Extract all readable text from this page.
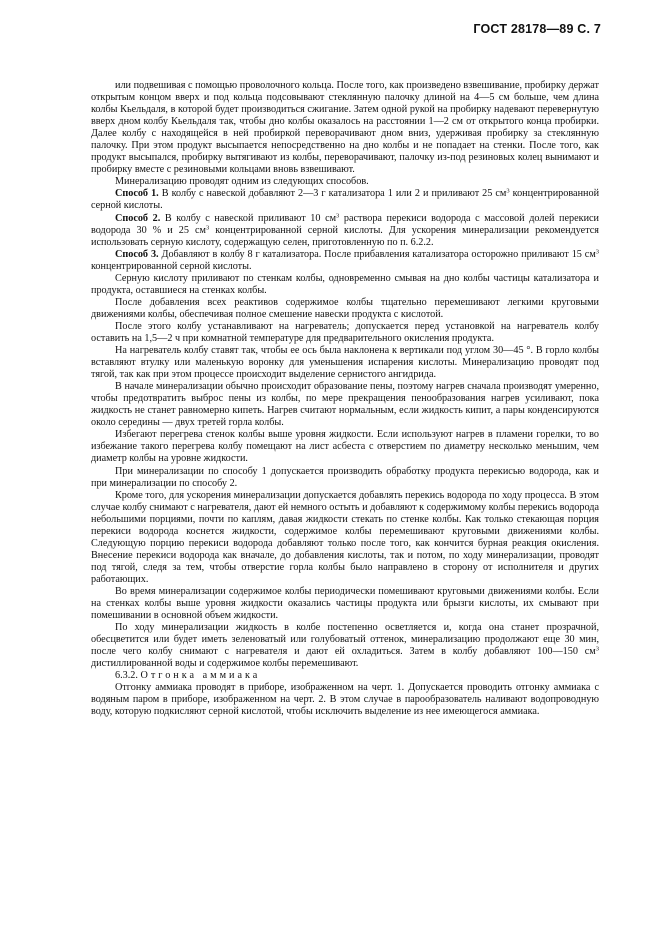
ГОСТ 28178—89 С. 7

или подвешивая с помощью проволочного кольца. После того, как произведено взвешивание, пробирку держат открытым концом вверх и под кольца подсовывают стеклянную палочку длиной на 4—5 см больше, чем длина колбы Кьельдаля, в которой будет производиться сжигание. Затем одной рукой на пробирку надевают перевернутую вверх дном колбу Кьельдаля так, чтобы дно колбы оказалось на расстоянии 1—2 см от открытого конца пробирки. Далее колбу с находящейся в ней пробиркой переворачивают дном вниз, удерживая пробирку за стеклянную палочку. При этом продукт высыпается непосредственно на дно колбы и не попадает на стенки. После того, как продукт высыпался, пробирку вытягивают из колбы, переворачивают, палочку из-под резиновых колец вынимают и пробирку вместе с резиновыми кольцами вновь взвешивают.

Минерализацию проводят одним из следующих способов.

Способ 1. В колбу с навеской добавляют 2—3 г катализатора 1 или 2 и приливают 25 $см^3$ концентрированной серной кислоты.

Способ 2. В колбу с навеской приливают 10 $см^3$ раствора перекиси водорода с массовой долей перекиси водорода 30 % и 25 $см^3$ концентрированной серной кислоты. Для ускорения минерализации рекомендуется использовать серную кислоту, содержащую селен, приготовленную по п. 6.2.2.

Способ 3. Добавляют в колбу 8 г катализатора. После прибавления катализатора осторожно приливают 15 $см^3$ концентрированной серной кислоты.

Серную кислоту приливают по стенкам колбы, одновременно смывая на дно колбы частицы катализатора и продукта, оставшиеся на стенках колбы.

После добавления всех реактивов содержимое колбы тщательно перемешивают легкими круговыми движениями колбы, обеспечивая полное смешение навески продукта с кислотой.

После этого колбу устанавливают на нагреватель; допускается перед установкой на нагреватель колбу оставить на 1,5—2 ч при комнатной температуре для предварительного окисления продукта.

На нагреватель колбу ставят так, чтобы ее ось была наклонена к вертикали под углом 30—45 °. В горло колбы вставляют втулку или маленькую воронку для уменьшения испарения кислоты. Минерализацию проводят под тягой, так как при этом процессе происходит выделение сернистого ангидрида.

В начале минерализации обычно происходит образование пены, поэтому нагрев сначала производят умеренно, чтобы предотвратить выброс пены из колбы, по мере прекращения пенообразования нагрев усиливают, пока жидкость не станет равномерно кипеть. Нагрев считают нормальным, если жидкость кипит, а пары конденсируются около середины — двух третей горла колбы.

Избегают перегрева стенок колбы выше уровня жидкости. Если используют нагрев в пламени горелки, то во избежание такого перегрева колбу помещают на лист асбеста с отверстием по диаметру несколько меньшим, чем диаметр колбы на уровне жидкости.

При минерализации по способу 1 допускается производить обработку продукта перекисью водорода, как и при минерализации по способу 2.

Кроме того, для ускорения минерализации допускается добавлять перекись водорода по ходу процесса. В этом случае колбу снимают с нагревателя, дают ей немного остыть и добавляют к содержимому колбы перекись водорода небольшими порциями, почти по каплям, давая жидкости стекать по стенке колбы. Как только стекающая порция перекиси водорода коснется жидкости, содержимое колбы перемешивают круговыми движениями колбы. Следующую порцию перекиси водорода добавляют только после того, как кончится бурная реакция окисления. Внесение перекиси водорода как вначале, до добавления кислоты, так и потом, по ходу минерализации, проводят под тягой, следя за тем, чтобы отверстие горла колбы было направлено в сторону от исполнителя и других работающих.

Во время минерализации содержимое колбы периодически помешивают круговыми движениями колбы. Если на стенках колбы выше уровня жидкости оказались частицы продукта или брызги кислоты, их смывают при помешивании в основной объем жидкости.

По ходу минерализации жидкость в колбе постепенно осветляется и, когда она станет прозрачной, обесцветится или будет иметь зеленоватый или голубоватый оттенок, минерализацию продолжают еще 30 мин, после чего колбу снимают с нагревателя и дают ей охладиться. Затем в колбу добавляют 100—150 $см^3$ дистиллированной воды и содержимое колбы перемешивают.

6.3.2. Отгонка аммиака

Отгонку аммиака проводят в приборе, изображенном на черт. 1. Допускается проводить отгонку аммиака с водяным паром в приборе, изображенном на черт. 2. В этом случае в парообразователь наливают водопроводную воду, которую подкисляют серной кислотой, чтобы исключить выделение из нее имеющегося аммиака.
